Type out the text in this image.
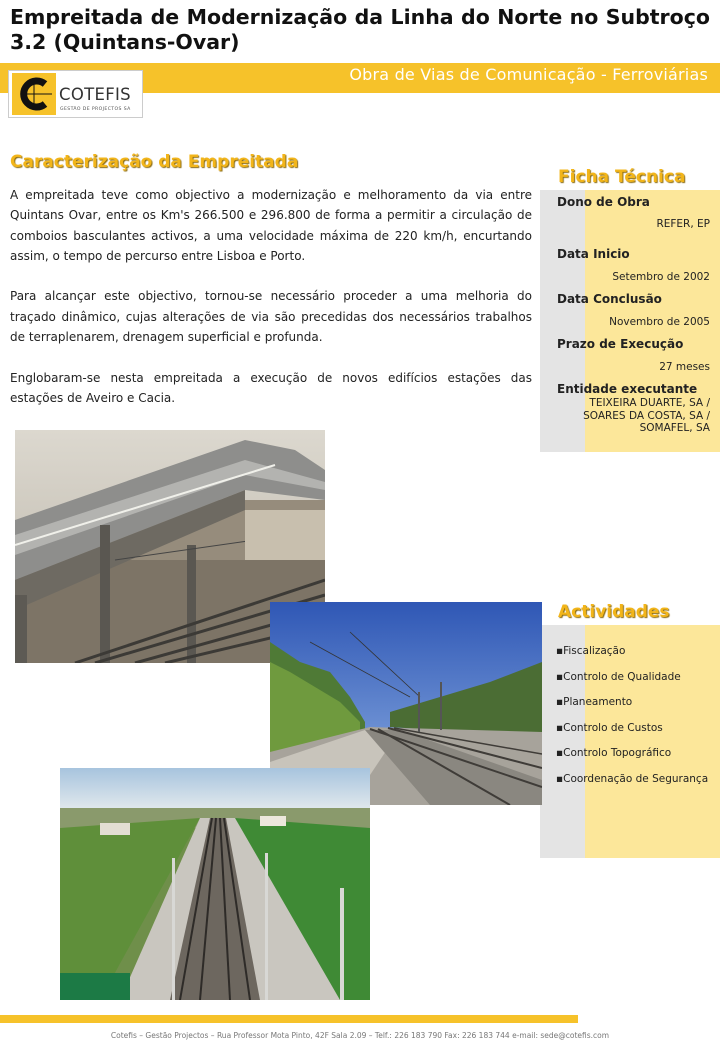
Empreitada de Modernização da Linha do Norte no Subtroço 3.2 (Quintans-Ovar)
Obra de Vias de Comunicação - Ferroviárias
COTEFIS
GESTÃO DE PROJECTOS SA
Caracterização da Empreitada

A empreitada teve como objectivo a modernização e melhoramento da via entre Quintans Ovar, entre os Km's 266.500 e 296.800 de forma a permitir a circulação de comboios basculantes activos, a uma velocidade máxima de 220 km/h, encurtando assim, o tempo de percurso entre Lisboa e Porto.

Para alcançar este objectivo, tornou-se necessário proceder a uma melhoria do traçado dinâmico, cujas alterações de via são precedidas dos necessários trabalhos de terraplenarem, drenagem superficial e profunda.

Englobaram-se nesta empreitada a execução de novos edifícios estações das estações de Aveiro e Cacia.

Ficha Técnica
Dono de Obra
REFER, EP
Data Inicio
Setembro de 2002
Data Conclusão
Novembro de 2005
Prazo de Execução
27 meses
Entidade executante
TEIXEIRA DUARTE, SA / SOARES DA COSTA, SA / SOMAFEL, SA
Actividades
▪Fiscalização
▪Controlo de Qualidade
▪Planeamento
▪Controlo de Custos
▪Controlo Topográfico
▪Coordenação de Segurança
Cotefis – Gestão Projectos – Rua Professor Mota Pinto, 42F Sala 2.09 – Telf.: 226 183 790 Fax: 226 183 744 e-mail: sede@cotefis.com
